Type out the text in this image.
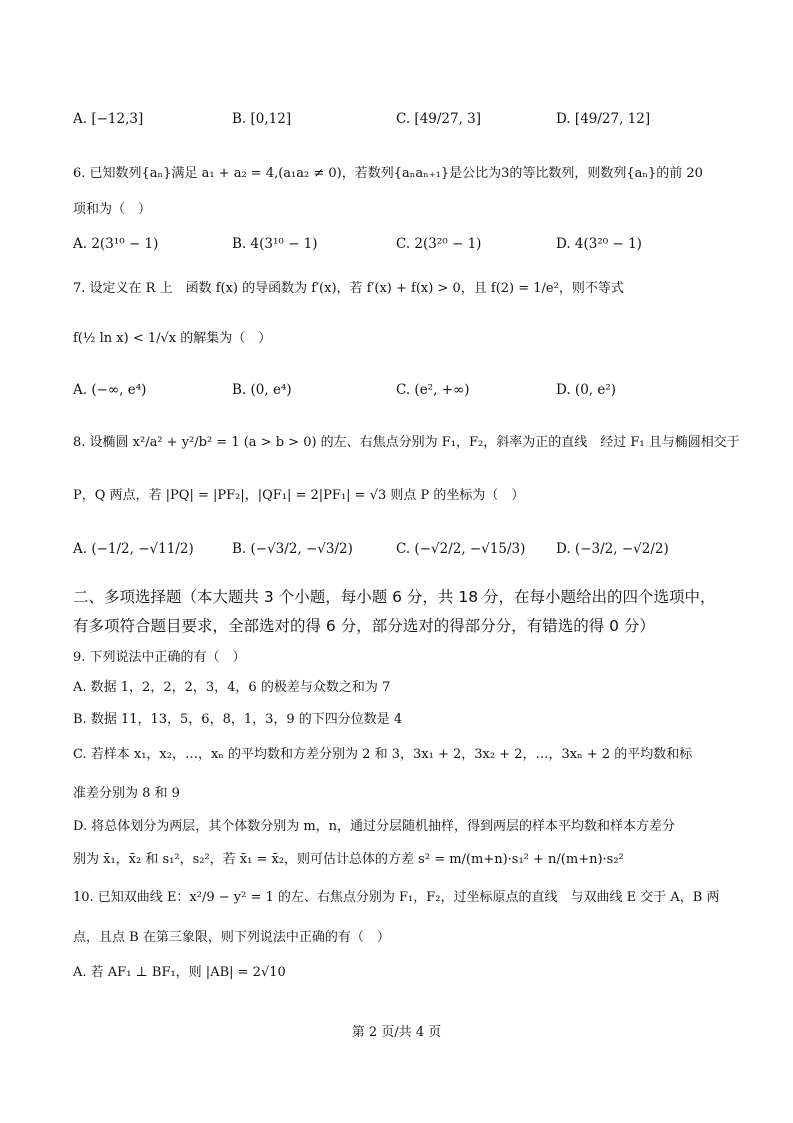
A. [−12,3]	B. [0,12]	C. [49/27, 3]	D. [49/27, 12]
6. 已知数列{aₙ}满足 a₁ + a₂ = 4,(a₁a₂ ≠ 0)，若数列{aₙaₙ₊₁}是公比为3的等比数列，则数列{aₙ}的前 20
项和为（　）
A. 2(3¹⁰ − 1)	B. 4(3¹⁰ − 1)	C. 2(3²⁰ − 1)	D. 4(3²⁰ − 1)
7. 设定义在 R 上　函数 f(x) 的导函数为 f′(x)，若 f′(x) + f(x) > 0，且 f(2) = 1/e²，则不等式
f(½ ln x) < 1/√x 的解集为（　）
A. (−∞, e⁴)	B. (0, e⁴)	C. (e², +∞)	D. (0, e²)
8. 设椭圆 x²/a² + y²/b² = 1 (a > b > 0) 的左、右焦点分别为 F₁，F₂，斜率为正的直线　经过 F₁ 且与椭圆相交于
P，Q 两点，若 |PQ| = |PF₂|，|QF₁| = 2|PF₁| = √3 则点 P 的坐标为（　）
A. (−1/2, −√11/2)	B. (−√3/2, −√3/2)	C. (−√2/2, −√15/3) D. (−3/2, −√2/2)
二、多项选择题（本大题共 3 个小题，每小题 6 分，共 18 分，在每小题给出的四个选项中，
有多项符合题目要求，全部选对的得 6 分，部分选对的得部分分，有错选的得 0 分）
9. 下列说法中正确的有（　）
A. 数据 1，2，2，2，3，4，6 的极差与众数之和为 7
B. 数据 11，13，5，6，8，1，3，9 的下四分位数是 4
C. 若样本 x₁，x₂，…，xₙ 的平均数和方差分别为 2 和 3，3x₁ + 2，3x₂ + 2，…，3xₙ + 2 的平均数和标
准差分别为 8 和 9
D. 将总体划分为两层，其个体数分别为 m，n，通过分层随机抽样，得到两层的样本平均数和样本方差分
别为 x̄₁，x̄₂ 和 s₁²，s₂²，若 x̄₁ = x̄₂，则可估计总体的方差 s² = m/(m+n)·s₁² + n/(m+n)·s₂²
10. 已知双曲线 E：x²/9 − y² = 1 的左、右焦点分别为 F₁，F₂，过坐标原点的直线　与双曲线 E 交于 A，B 两
点，且点 B 在第三象限，则下列说法中正确的有（　）
A. 若 AF₁ ⊥ BF₁，则 |AB| = 2√10
第 2 页/共 4 页
